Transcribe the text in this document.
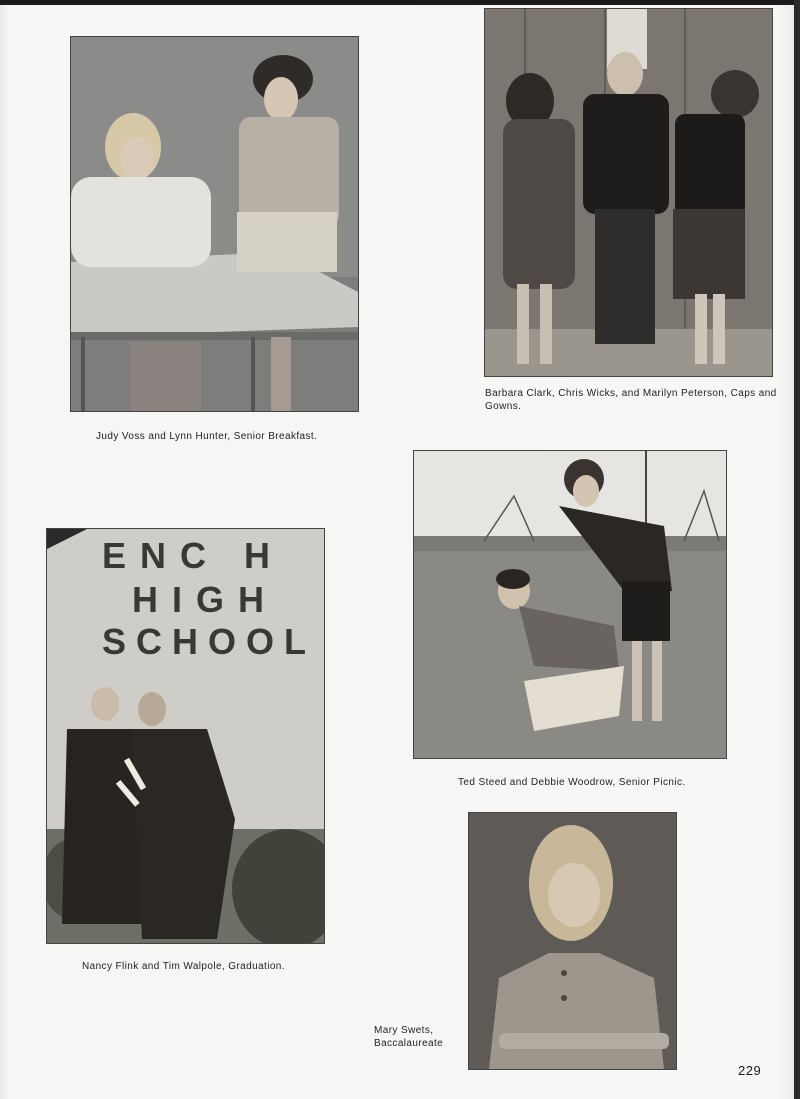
Judy Voss and Lynn Hunter, Senior Breakfast.
Barbara Clark, Chris Wicks, and Marilyn Peterson, Caps and Gowns.
ENC H
HIGH
SCHOOL
Nancy Flink and Tim Walpole, Graduation.
Ted Steed and Debbie Woodrow, Senior Picnic.
Mary Swets,
Baccalaureate
229
